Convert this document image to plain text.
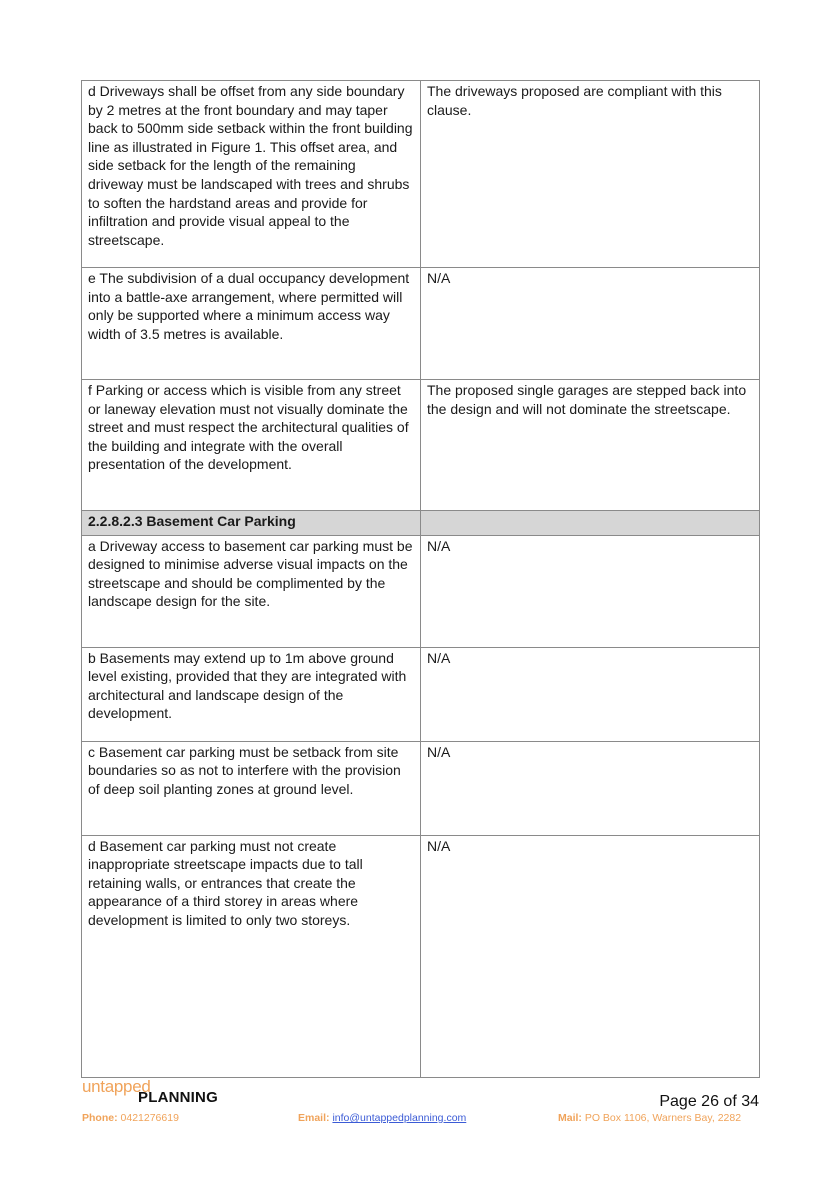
d Driveways shall be offset from any side boundary by 2 metres at the front boundary and may taper back to 500mm side setback within the front building line as illustrated in Figure 1. This offset area, and side setback for the length of the remaining driveway must be landscaped with trees and shrubs to soften the hardstand areas and provide for infiltration and provide visual appeal to the streetscape.	The driveways proposed are compliant with this clause.
e The subdivision of a dual occupancy development into a battle-axe arrangement, where permitted will only be supported where a minimum access way width of 3.5 metres is available.	N/A
f Parking or access which is visible from any street or laneway elevation must not visually dominate the street and must respect the architectural qualities of the building and integrate with the overall presentation of the development.	The proposed single garages are stepped back into the design and will not dominate the streetscape.
2.2.8.2.3 Basement Car Parking	
a Driveway access to basement car parking must be designed to minimise adverse visual impacts on the streetscape and should be complimented by the landscape design for the site.	N/A
b Basements may extend up to 1m above ground level existing, provided that they are integrated with architectural and landscape design of the development.	N/A
c Basement car parking must be setback from site boundaries so as not to interfere with the provision of deep soil planting zones at ground level.	N/A
d Basement car parking must not create inappropriate streetscape impacts due to tall retaining walls, or entrances that create the appearance of a third storey in areas where development is limited to only two storeys.	N/A
untapped
PLANNING	Page 26 of 34
Phone: 0421276619	Email: info@untappedplanning.com	Mail: PO Box 1106, Warners Bay, 2282
